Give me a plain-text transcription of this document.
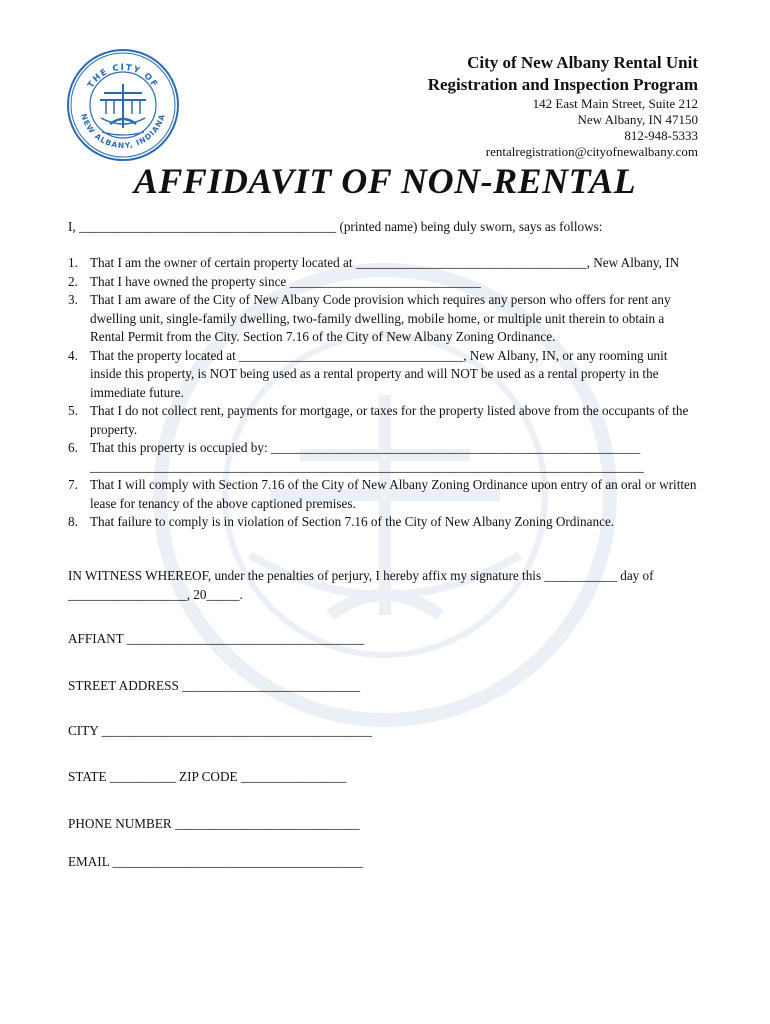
THE CITY OF
NEW ALBANY, INDIANA
City of New Albany Rental Unit
Registration and Inspection Program
142 East Main Street, Suite 212
New Albany, IN 47150
812-948-5333
rentalregistration@cityofnewalbany.com
AFFIDAVIT OF NON-RENTAL
I, _______________________________________ (printed name) being duly sworn, says as follows:
1. That I am the owner of certain property located at ___________________________________, New Albany, IN
2. That I have owned the property since _____________________________
3. That I am aware of the City of New Albany Code provision which requires any person who offers for rent any dwelling unit, single-family dwelling, two-family dwelling, mobile home, or multiple unit therein to obtain a Rental Permit from the City. Section 7.16 of the City of New Albany Zoning Ordinance.
4. That the property located at __________________________________, New Albany, IN, or any rooming unit inside this property, is NOT being used as a rental property and will NOT be used as a rental property in the immediate future.
5. That I do not collect rent, payments for mortgage, or taxes for the property listed above from the occupants of the property.
6. That this property is occupied by: ________________________________________________________ ____________________________________________________________________________________
7. That I will comply with Section 7.16 of the City of New Albany Zoning Ordinance upon entry of an oral or written lease for tenancy of the above captioned premises.
8. That failure to comply is in violation of Section 7.16 of the City of New Albany Zoning Ordinance.
IN WITNESS WHEREOF, under the penalties of perjury, I hereby affix my signature this ___________ day of __________________, 20_____.
AFFIANT ____________________________________
STREET ADDRESS ___________________________
CITY _________________________________________
STATE __________ ZIP CODE ________________
PHONE NUMBER ____________________________
EMAIL ______________________________________
